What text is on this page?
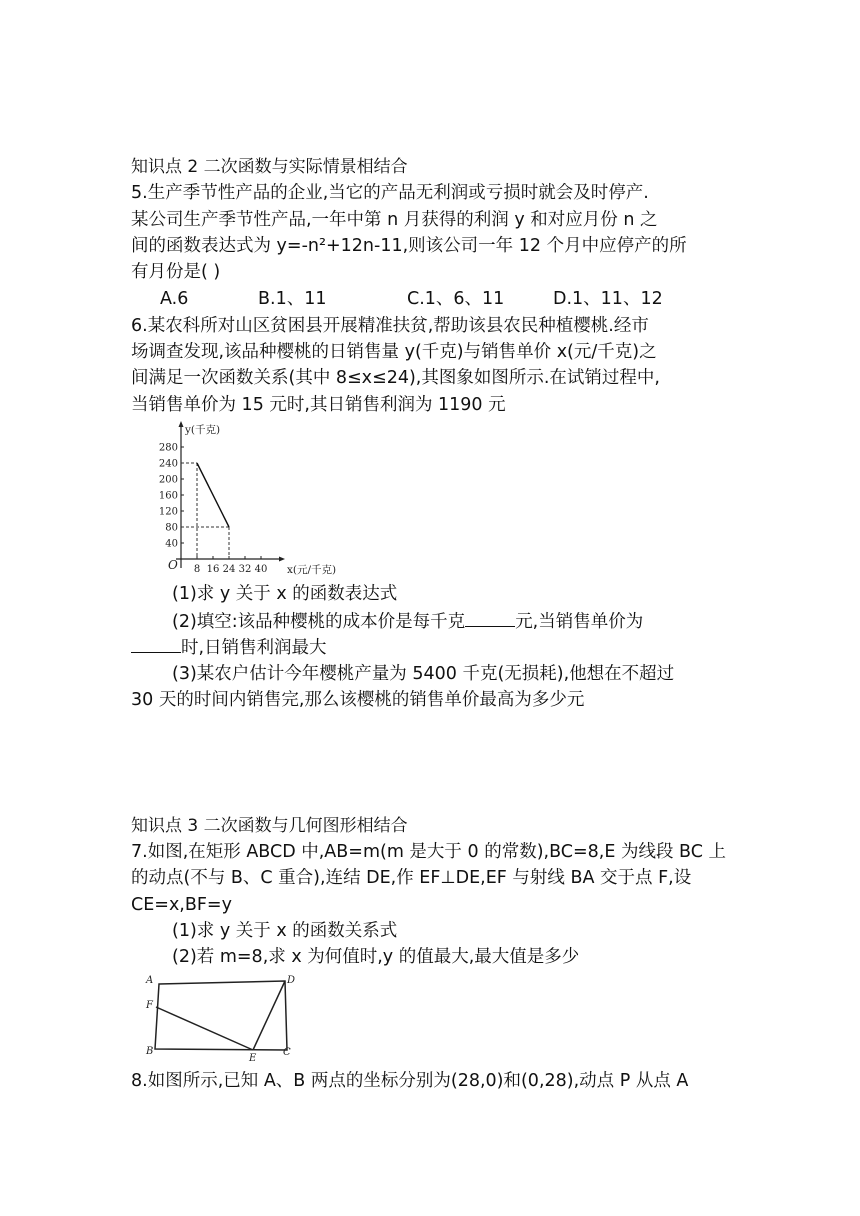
知识点 2 二次函数与实际情景相结合
5.生产季节性产品的企业,当它的产品无利润或亏损时就会及时停产.
某公司生产季节性产品,一年中第 n 月获得的利润 y 和对应月份 n 之
间的函数表达式为 y=-n²+12n-11,则该公司一年 12 个月中应停产的所
有月份是( )
A.6	B.1、11	C.1、6、11	D.1、11、12
6.某农科所对山区贫困县开展精准扶贫,帮助该县农民种植樱桃.经市
场调查发现,该品种樱桃的日销售量 y(千克)与销售单价 x(元/千克)之
间满足一次函数关系(其中 8≤x≤24),其图象如图所示.在试销过程中,
当销售单价为 15 元时,其日销售利润为 1190 元
y(千克)
x(元/千克)
O
40
80
120
160
200
240
280
8 16 24 32 40
(1)求 y 关于 x 的函数表达式
(2)填空:该品种樱桃的成本价是每千克	元,当销售单价为
时,日销售利润最大
(3)某农户估计今年樱桃产量为 5400 千克(无损耗),他想在不超过
30 天的时间内销售完,那么该樱桃的销售单价最高为多少元
知识点 3 二次函数与几何图形相结合
7.如图,在矩形 ABCD 中,AB=m(m 是大于 0 的常数),BC=8,E 为线段 BC 上
的动点(不与 B、C 重合),连结 DE,作 EF⊥DE,EF 与射线 BA 交于点 F,设
CE=x,BF=y
(1)求 y 关于 x 的函数关系式
(2)若 m=8,求 x 为何值时,y 的值最大,最大值是多少
A	D
F
B
E
C
8.如图所示,已知 A、B 两点的坐标分别为(28,0)和(0,28),动点 P 从点 A
